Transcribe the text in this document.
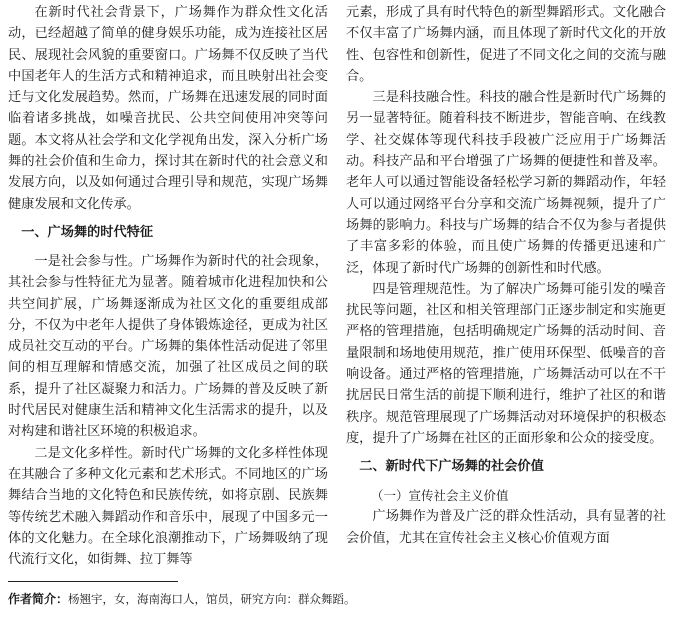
在新时代社会背景下，广场舞作为群众性文化活动，已经超越了简单的健身娱乐功能，成为连接社区居民、展现社会风貌的重要窗口。广场舞不仅反映了当代中国老年人的生活方式和精神追求，而且映射出社会变迁与文化发展趋势。然而，广场舞在迅速发展的同时面临着诸多挑战，如噪音扰民、公共空间使用冲突等问题。本文将从社会学和文化学视角出发，深入分析广场舞的社会价值和生命力，探讨其在新时代的社会意义和发展方向，以及如何通过合理引导和规范，实现广场舞健康发展和文化传承。

一、广场舞的时代特征

一是社会参与性。广场舞作为新时代的社会现象，其社会参与性特征尤为显著。随着城市化进程加快和公共空间扩展，广场舞逐渐成为社区文化的重要组成部分，不仅为中老年人提供了身体锻炼途径，更成为社区成员社交互动的平台。广场舞的集体性活动促进了邻里间的相互理解和情感交流，加强了社区成员之间的联系，提升了社区凝聚力和活力。广场舞的普及反映了新时代居民对健康生活和精神文化生活需求的提升，以及对构建和谐社区环境的积极追求。

二是文化多样性。新时代广场舞的文化多样性体现在其融合了多种文化元素和艺术形式。不同地区的广场舞结合当地的文化特色和民族传统，如将京剧、民族舞等传统艺术融入舞蹈动作和音乐中，展现了中国多元一体的文化魅力。在全球化浪潮推动下，广场舞吸纳了现代流行文化，如街舞、拉丁舞等

元素，形成了具有时代特色的新型舞蹈形式。文化融合不仅丰富了广场舞内涵，而且体现了新时代文化的开放性、包容性和创新性，促进了不同文化之间的交流与融合。

三是科技融合性。科技的融合性是新时代广场舞的另一显著特征。随着科技不断进步，智能音响、在线教学、社交媒体等现代科技手段被广泛应用于广场舞活动。科技产品和平台增强了广场舞的便捷性和普及率。老年人可以通过智能设备轻松学习新的舞蹈动作，年轻人可以通过网络平台分享和交流广场舞视频，提升了广场舞的影响力。科技与广场舞的结合不仅为参与者提供了丰富多彩的体验，而且使广场舞的传播更迅速和广泛，体现了新时代广场舞的创新性和时代感。

四是管理规范性。为了解决广场舞可能引发的噪音扰民等问题，社区和相关管理部门正逐步制定和实施更严格的管理措施，包括明确规定广场舞的活动时间、音量限制和场地使用规范，推广使用环保型、低噪音的音响设备。通过严格的管理措施，广场舞活动可以在不干扰居民日常生活的前提下顺利进行，维护了社区的和谐秩序。规范管理展现了广场舞活动对环境保护的积极态度，提升了广场舞在社区的正面形象和公众的接受度。

二、新时代下广场舞的社会价值
（一）宣传社会主义价值

广场舞作为普及广泛的群众性活动，具有显著的社会价值，尤其在宣传社会主义核心价值观方面

作者简介：杨翘宇，女，海南海口人，馆员，研究方向：群众舞蹈。
